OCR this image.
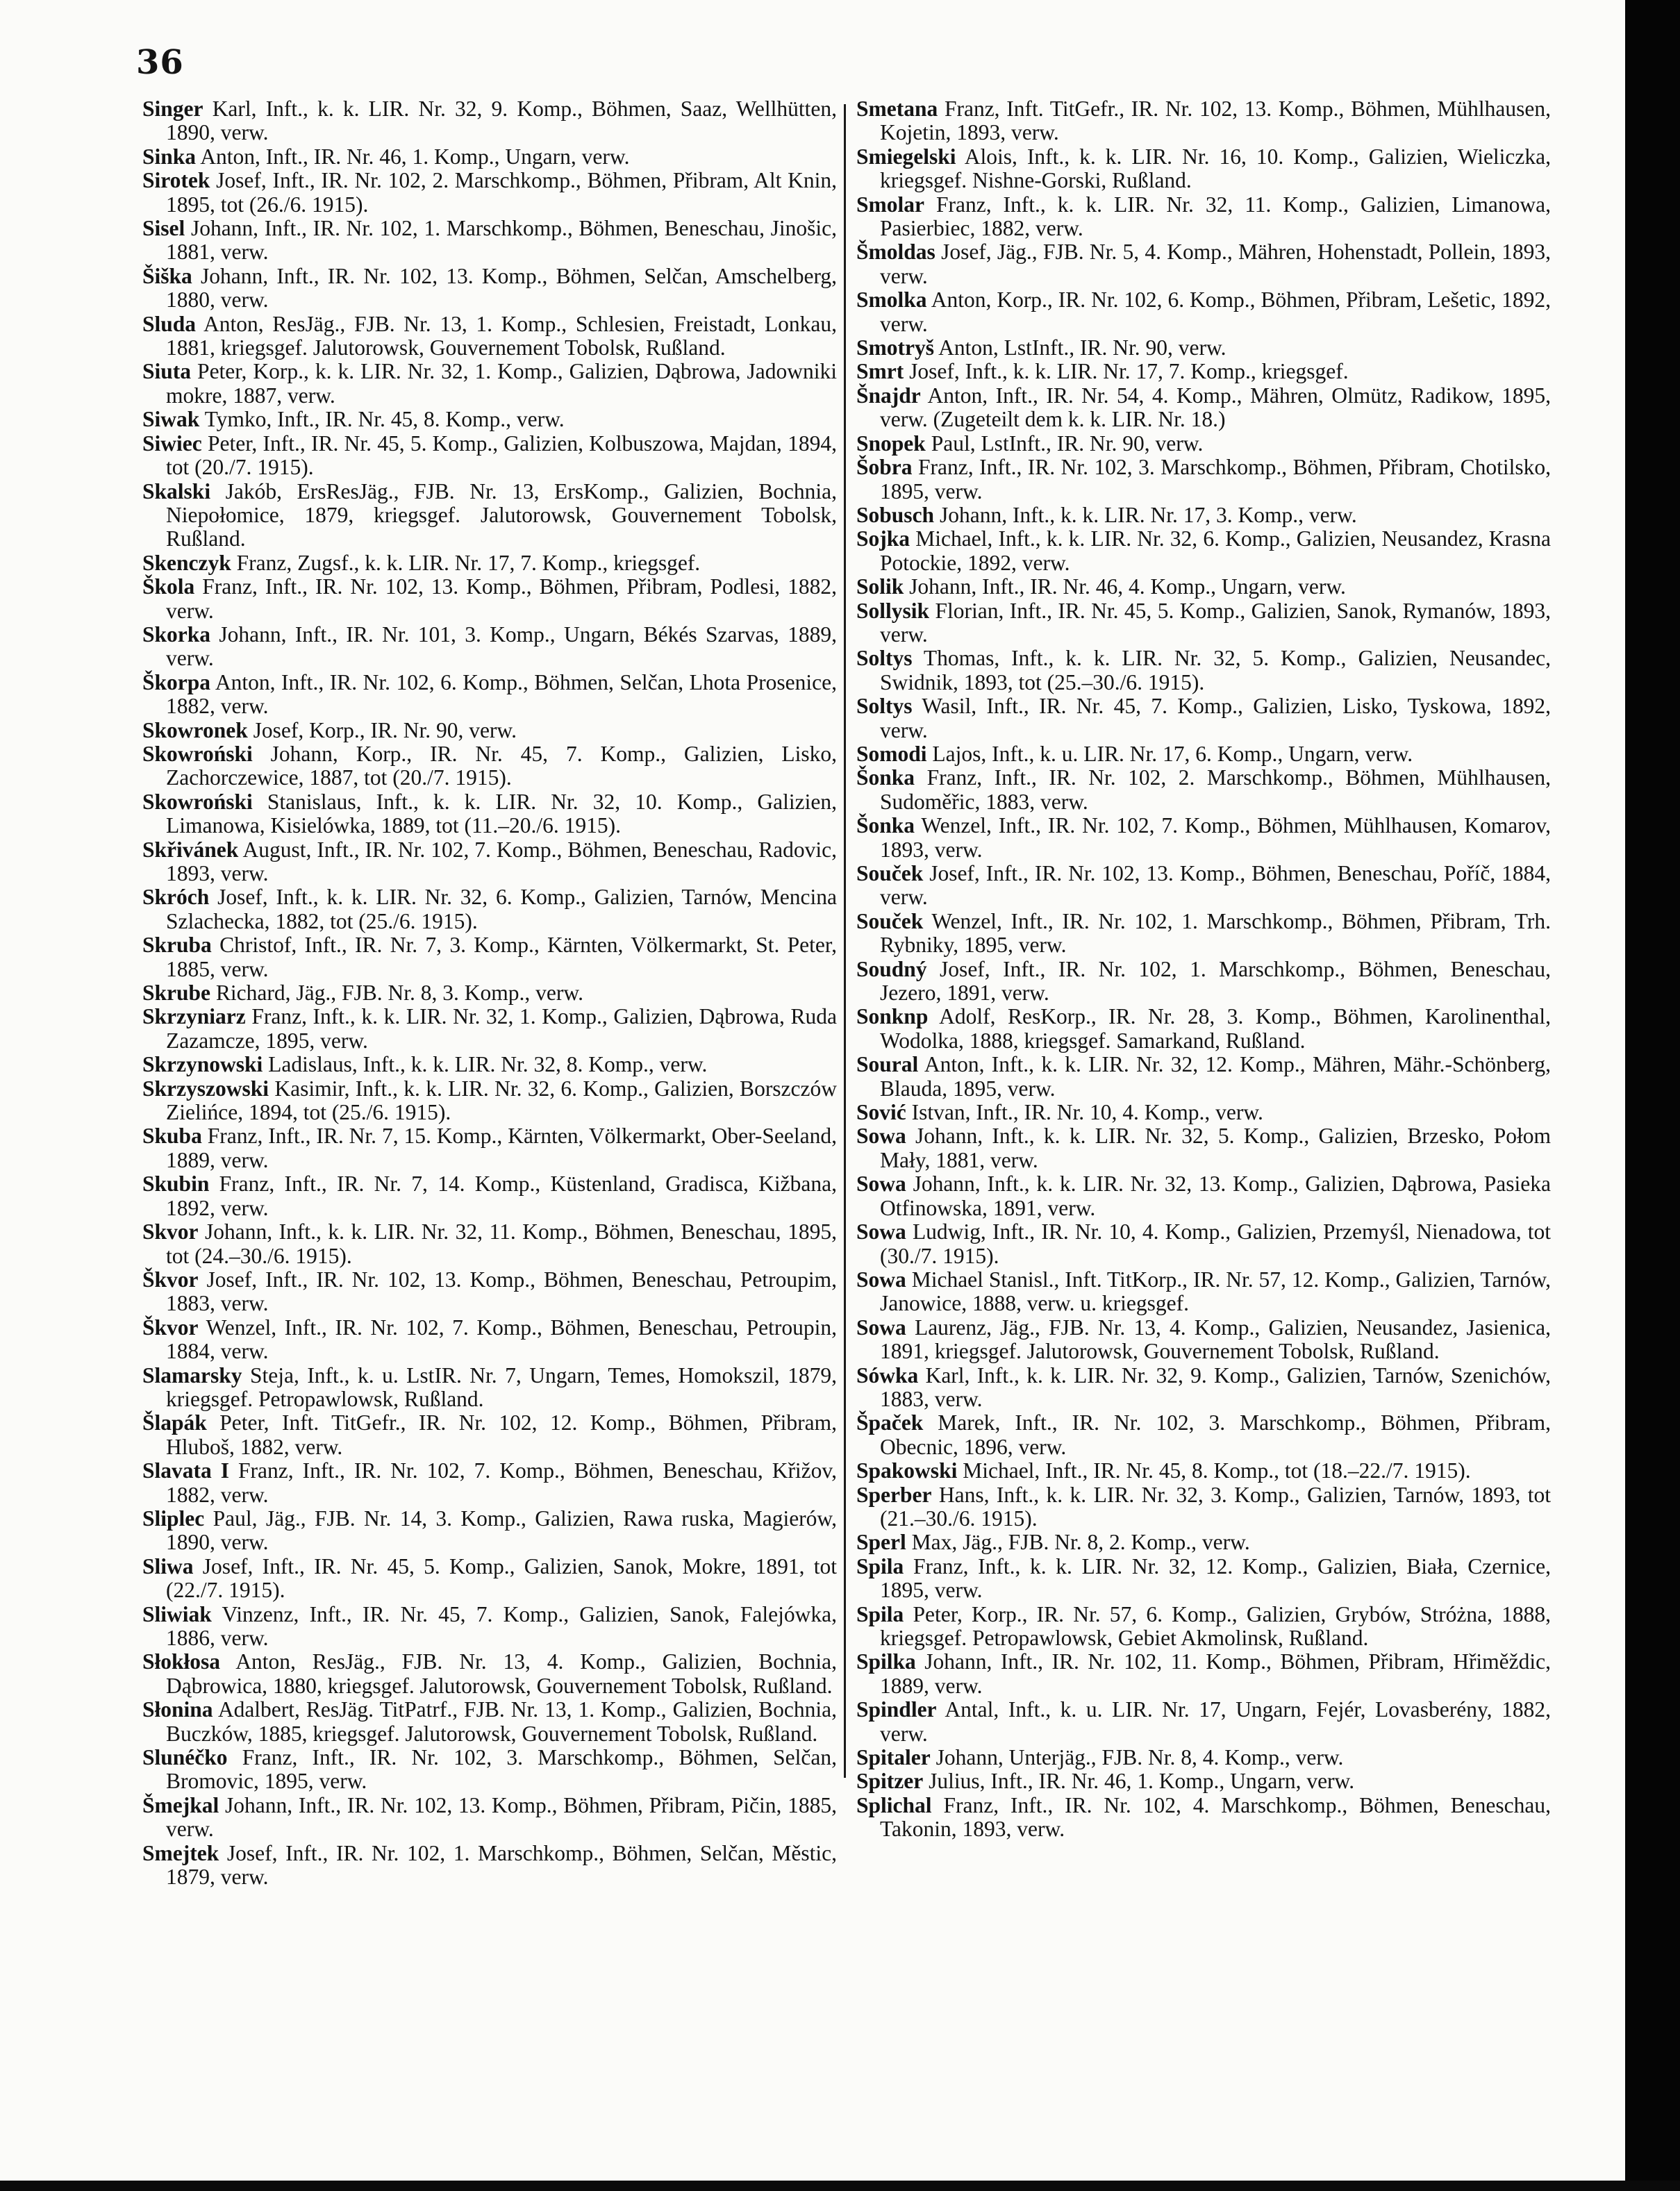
36

Singer Karl, Inft., k. k. LIR. Nr. 32, 9. Komp., Böhmen, Saaz, Wellhütten, 1890, verw.

Sinka Anton, Inft., IR. Nr. 46, 1. Komp., Ungarn, verw.

Sirotek Josef, Inft., IR. Nr. 102, 2. Marschkomp., Böhmen, Přibram, Alt Knin, 1895, tot (26./6. 1915).

Sisel Johann, Inft., IR. Nr. 102, 1. Marschkomp., Böhmen, Beneschau, Jinošic, 1881, verw.

Šiška Johann, Inft., IR. Nr. 102, 13. Komp., Böhmen, Selčan, Amschelberg, 1880, verw.

Sluda Anton, ResJäg., FJB. Nr. 13, 1. Komp., Schlesien, Freistadt, Lonkau, 1881, kriegsgef. Jalutorowsk, Gouvernement Tobolsk, Rußland.

Siuta Peter, Korp., k. k. LIR. Nr. 32, 1. Komp., Galizien, Dąbrowa, Jadowniki mokre, 1887, verw.

Siwak Tymko, Inft., IR. Nr. 45, 8. Komp., verw.

Siwiec Peter, Inft., IR. Nr. 45, 5. Komp., Galizien, Kolbuszowa, Majdan, 1894, tot (20./7. 1915).

Skalski Jakób, ErsResJäg., FJB. Nr. 13, ErsKomp., Galizien, Bochnia, Niepołomice, 1879, kriegsgef. Jalutorowsk, Gouvernement Tobolsk, Rußland.

Skenczyk Franz, Zugsf., k. k. LIR. Nr. 17, 7. Komp., kriegsgef.

Škola Franz, Inft., IR. Nr. 102, 13. Komp., Böhmen, Přibram, Podlesi, 1882, verw.

Skorka Johann, Inft., IR. Nr. 101, 3. Komp., Ungarn, Békés Szarvas, 1889, verw.

Škorpa Anton, Inft., IR. Nr. 102, 6. Komp., Böhmen, Selčan, Lhota Prosenice, 1882, verw.

Skowronek Josef, Korp., IR. Nr. 90, verw.

Skowroński Johann, Korp., IR. Nr. 45, 7. Komp., Galizien, Lisko, Zachorczewice, 1887, tot (20./7. 1915).

Skowroński Stanislaus, Inft., k. k. LIR. Nr. 32, 10. Komp., Galizien, Limanowa, Kisielówka, 1889, tot (11.–20./6. 1915).

Skřivánek August, Inft., IR. Nr. 102, 7. Komp., Böhmen, Beneschau, Radovic, 1893, verw.

Skróch Josef, Inft., k. k. LIR. Nr. 32, 6. Komp., Galizien, Tarnów, Mencina Szlachecka, 1882, tot (25./6. 1915).

Skruba Christof, Inft., IR. Nr. 7, 3. Komp., Kärnten, Völkermarkt, St. Peter, 1885, verw.

Skrube Richard, Jäg., FJB. Nr. 8, 3. Komp., verw.

Skrzyniarz Franz, Inft., k. k. LIR. Nr. 32, 1. Komp., Galizien, Dąbrowa, Ruda Zazamcze, 1895, verw.

Skrzynowski Ladislaus, Inft., k. k. LIR. Nr. 32, 8. Komp., verw.

Skrzyszowski Kasimir, Inft., k. k. LIR. Nr. 32, 6. Komp., Galizien, Borszczów Zielińce, 1894, tot (25./6. 1915).

Skuba Franz, Inft., IR. Nr. 7, 15. Komp., Kärnten, Völkermarkt, Ober-Seeland, 1889, verw.

Skubin Franz, Inft., IR. Nr. 7, 14. Komp., Küstenland, Gradisca, Kižbana, 1892, verw.

Skvor Johann, Inft., k. k. LIR. Nr. 32, 11. Komp., Böhmen, Beneschau, 1895, tot (24.–30./6. 1915).

Škvor Josef, Inft., IR. Nr. 102, 13. Komp., Böhmen, Beneschau, Petroupim, 1883, verw.

Škvor Wenzel, Inft., IR. Nr. 102, 7. Komp., Böhmen, Beneschau, Petroupin, 1884, verw.

Slamarsky Steja, Inft., k. u. LstIR. Nr. 7, Ungarn, Temes, Homokszil, 1879, kriegsgef. Petropawlowsk, Rußland.

Šlapák Peter, Inft. TitGefr., IR. Nr. 102, 12. Komp., Böhmen, Přibram, Hluboš, 1882, verw.

Slavata I Franz, Inft., IR. Nr. 102, 7. Komp., Böhmen, Beneschau, Křižov, 1882, verw.

Sliplec Paul, Jäg., FJB. Nr. 14, 3. Komp., Galizien, Rawa ruska, Magierów, 1890, verw.

Sliwa Josef, Inft., IR. Nr. 45, 5. Komp., Galizien, Sanok, Mokre, 1891, tot (22./7. 1915).

Sliwiak Vinzenz, Inft., IR. Nr. 45, 7. Komp., Galizien, Sanok, Falejówka, 1886, verw.

Słokłosa Anton, ResJäg., FJB. Nr. 13, 4. Komp., Galizien, Bochnia, Dąbrowica, 1880, kriegsgef. Jalutorowsk, Gouvernement Tobolsk, Rußland.

Słonina Adalbert, ResJäg. TitPatrf., FJB. Nr. 13, 1. Komp., Galizien, Bochnia, Buczków, 1885, kriegsgef. Jalutorowsk, Gouvernement Tobolsk, Rußland.

Slunéčko Franz, Inft., IR. Nr. 102, 3. Marschkomp., Böhmen, Selčan, Bromovic, 1895, verw.

Šmejkal Johann, Inft., IR. Nr. 102, 13. Komp., Böhmen, Přibram, Pičin, 1885, verw.

Smejtek Josef, Inft., IR. Nr. 102, 1. Marschkomp., Böhmen, Selčan, Městic, 1879, verw.

Smetana Franz, Inft. TitGefr., IR. Nr. 102, 13. Komp., Böhmen, Mühlhausen, Kojetin, 1893, verw.

Smiegelski Alois, Inft., k. k. LIR. Nr. 16, 10. Komp., Galizien, Wieliczka, kriegsgef. Nishne-Gorski, Rußland.

Smolar Franz, Inft., k. k. LIR. Nr. 32, 11. Komp., Galizien, Limanowa, Pasierbiec, 1882, verw.

Šmoldas Josef, Jäg., FJB. Nr. 5, 4. Komp., Mähren, Hohenstadt, Pollein, 1893, verw.

Smolka Anton, Korp., IR. Nr. 102, 6. Komp., Böhmen, Přibram, Lešetic, 1892, verw.

Smotryš Anton, LstInft., IR. Nr. 90, verw.

Smrt Josef, Inft., k. k. LIR. Nr. 17, 7. Komp., kriegsgef.

Šnajdr Anton, Inft., IR. Nr. 54, 4. Komp., Mähren, Olmütz, Radikow, 1895, verw. (Zugeteilt dem k. k. LIR. Nr. 18.)

Snopek Paul, LstInft., IR. Nr. 90, verw.

Šobra Franz, Inft., IR. Nr. 102, 3. Marschkomp., Böhmen, Přibram, Chotilsko, 1895, verw.

Sobusch Johann, Inft., k. k. LIR. Nr. 17, 3. Komp., verw.

Sojka Michael, Inft., k. k. LIR. Nr. 32, 6. Komp., Galizien, Neusandez, Krasna Potockie, 1892, verw.

Solik Johann, Inft., IR. Nr. 46, 4. Komp., Ungarn, verw.

Sollysik Florian, Inft., IR. Nr. 45, 5. Komp., Galizien, Sanok, Rymanów, 1893, verw.

Soltys Thomas, Inft., k. k. LIR. Nr. 32, 5. Komp., Galizien, Neusandec, Swidnik, 1893, tot (25.–30./6. 1915).

Soltys Wasil, Inft., IR. Nr. 45, 7. Komp., Galizien, Lisko, Tyskowa, 1892, verw.

Somodi Lajos, Inft., k. u. LIR. Nr. 17, 6. Komp., Ungarn, verw.

Šonka Franz, Inft., IR. Nr. 102, 2. Marschkomp., Böhmen, Mühlhausen, Sudoměřic, 1883, verw.

Šonka Wenzel, Inft., IR. Nr. 102, 7. Komp., Böhmen, Mühlhausen, Komarov, 1893, verw.

Souček Josef, Inft., IR. Nr. 102, 13. Komp., Böhmen, Beneschau, Poříč, 1884, verw.

Souček Wenzel, Inft., IR. Nr. 102, 1. Marschkomp., Böhmen, Přibram, Trh. Rybniky, 1895, verw.

Soudný Josef, Inft., IR. Nr. 102, 1. Marschkomp., Böhmen, Beneschau, Jezero, 1891, verw.

Sonknp Adolf, ResKorp., IR. Nr. 28, 3. Komp., Böhmen, Karolinenthal, Wodolka, 1888, kriegsgef. Samarkand, Rußland.

Soural Anton, Inft., k. k. LIR. Nr. 32, 12. Komp., Mähren, Mähr.-Schönberg, Blauda, 1895, verw.

Sović Istvan, Inft., IR. Nr. 10, 4. Komp., verw.

Sowa Johann, Inft., k. k. LIR. Nr. 32, 5. Komp., Galizien, Brzesko, Połom Mały, 1881, verw.

Sowa Johann, Inft., k. k. LIR. Nr. 32, 13. Komp., Galizien, Dąbrowa, Pasieka Otfinowska, 1891, verw.

Sowa Ludwig, Inft., IR. Nr. 10, 4. Komp., Galizien, Przemyśl, Nienadowa, tot (30./7. 1915).

Sowa Michael Stanisl., Inft. TitKorp., IR. Nr. 57, 12. Komp., Galizien, Tarnów, Janowice, 1888, verw. u. kriegsgef.

Sowa Laurenz, Jäg., FJB. Nr. 13, 4. Komp., Galizien, Neusandez, Jasienica, 1891, kriegsgef. Jalutorowsk, Gouvernement Tobolsk, Rußland.

Sówka Karl, Inft., k. k. LIR. Nr. 32, 9. Komp., Galizien, Tarnów, Szenichów, 1883, verw.

Špaček Marek, Inft., IR. Nr. 102, 3. Marschkomp., Böhmen, Přibram, Obecnic, 1896, verw.

Spakowski Michael, Inft., IR. Nr. 45, 8. Komp., tot (18.–22./7. 1915).

Sperber Hans, Inft., k. k. LIR. Nr. 32, 3. Komp., Galizien, Tarnów, 1893, tot (21.–30./6. 1915).

Sperl Max, Jäg., FJB. Nr. 8, 2. Komp., verw.

Spila Franz, Inft., k. k. LIR. Nr. 32, 12. Komp., Galizien, Biała, Czernice, 1895, verw.

Spila Peter, Korp., IR. Nr. 57, 6. Komp., Galizien, Grybów, Stróżna, 1888, kriegsgef. Petropawlowsk, Gebiet Akmolinsk, Rußland.

Spilka Johann, Inft., IR. Nr. 102, 11. Komp., Böhmen, Přibram, Hřiměždic, 1889, verw.

Spindler Antal, Inft., k. u. LIR. Nr. 17, Ungarn, Fejér, Lovasberény, 1882, verw.

Spitaler Johann, Unterjäg., FJB. Nr. 8, 4. Komp., verw.

Spitzer Julius, Inft., IR. Nr. 46, 1. Komp., Ungarn, verw.

Splichal Franz, Inft., IR. Nr. 102, 4. Marschkomp., Böhmen, Beneschau, Takonin, 1893, verw.
